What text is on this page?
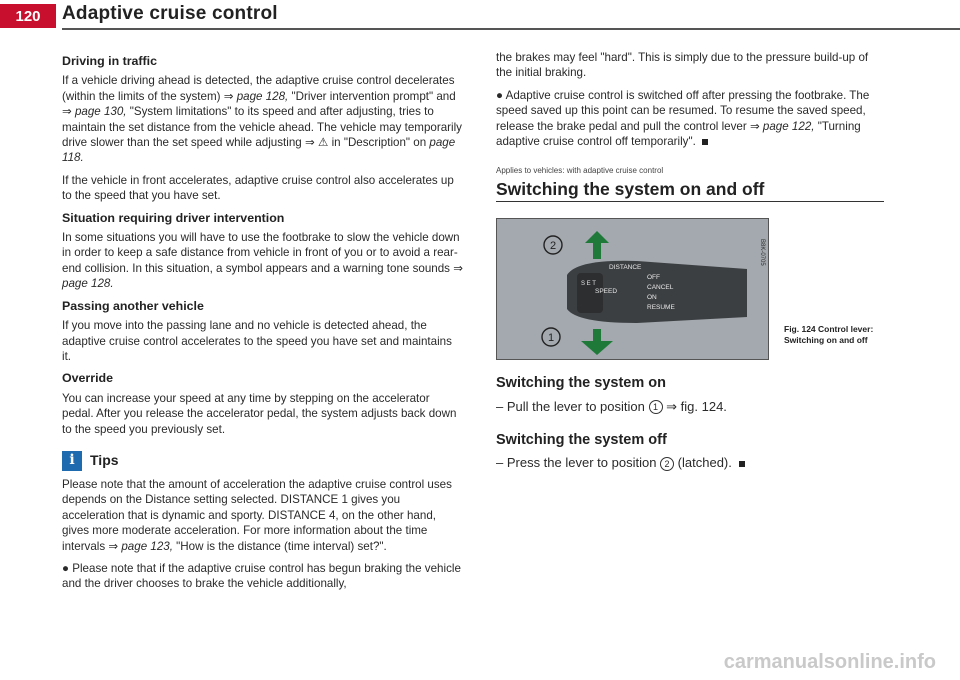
120	Adaptive cruise control
Driving in traffic

If a vehicle driving ahead is detected, the adaptive cruise control decelerates (within the limits of the system) ⇒ page 128, "Driver intervention prompt" and ⇒ page 130, "System limitations" to its speed and after adjusting, tries to maintain the set distance from the vehicle ahead. The vehicle may temporarily drive slower than the set speed while adjusting ⇒ ⚠ in "Description" on page 118.

If the vehicle in front accelerates, adaptive cruise control also accelerates up to the speed that you have set.

Situation requiring driver intervention

In some situations you will have to use the footbrake to slow the vehicle down in order to keep a safe distance from vehicle in front of you or to avoid a rear-end collision. In this situation, a symbol appears and a warning tone sounds ⇒ page 128.

Passing another vehicle

If you move into the passing lane and no vehicle is detected ahead, the adaptive cruise control accelerates to the speed you have set and maintains it.

Override

You can increase your speed at any time by stepping on the accelerator pedal. After you release the accelerator pedal, the system adjusts back down to the speed you previously set.

i	Tips

Please note that the amount of acceleration the adaptive cruise control uses depends on the Distance setting selected. DISTANCE 1 gives you acceleration that is dynamic and sporty. DISTANCE 4, on the other hand, gives more moderate acceleration. For more information about the time intervals ⇒ page 123, "How is the distance (time interval) set?".

● Please note that if the adaptive cruise control has begun braking the vehicle and the driver chooses to brake the vehicle additionally,

the brakes may feel "hard". This is simply due to the pressure build-up of the initial braking.

● Adaptive cruise control is switched off after pressing the footbrake. The speed saved up this point can be resumed. To resume the saved speed, release the brake pedal and pull the control lever ⇒ page 122, "Turning adaptive cruise control off temporarily".

Applies to vehicles: with adaptive cruise control
Switching the system on and off
2
1
DISTANCE
S E T
SPEED
OFF
CANCEL
ON
RESUME
B8K-0705
Fig. 124 Control lever: Switching on and off
Switching the system on
– Pull the lever to position 1 ⇒ fig. 124.
Switching the system off
– Press the lever to position 2 (latched).
carmanualsonline.info
